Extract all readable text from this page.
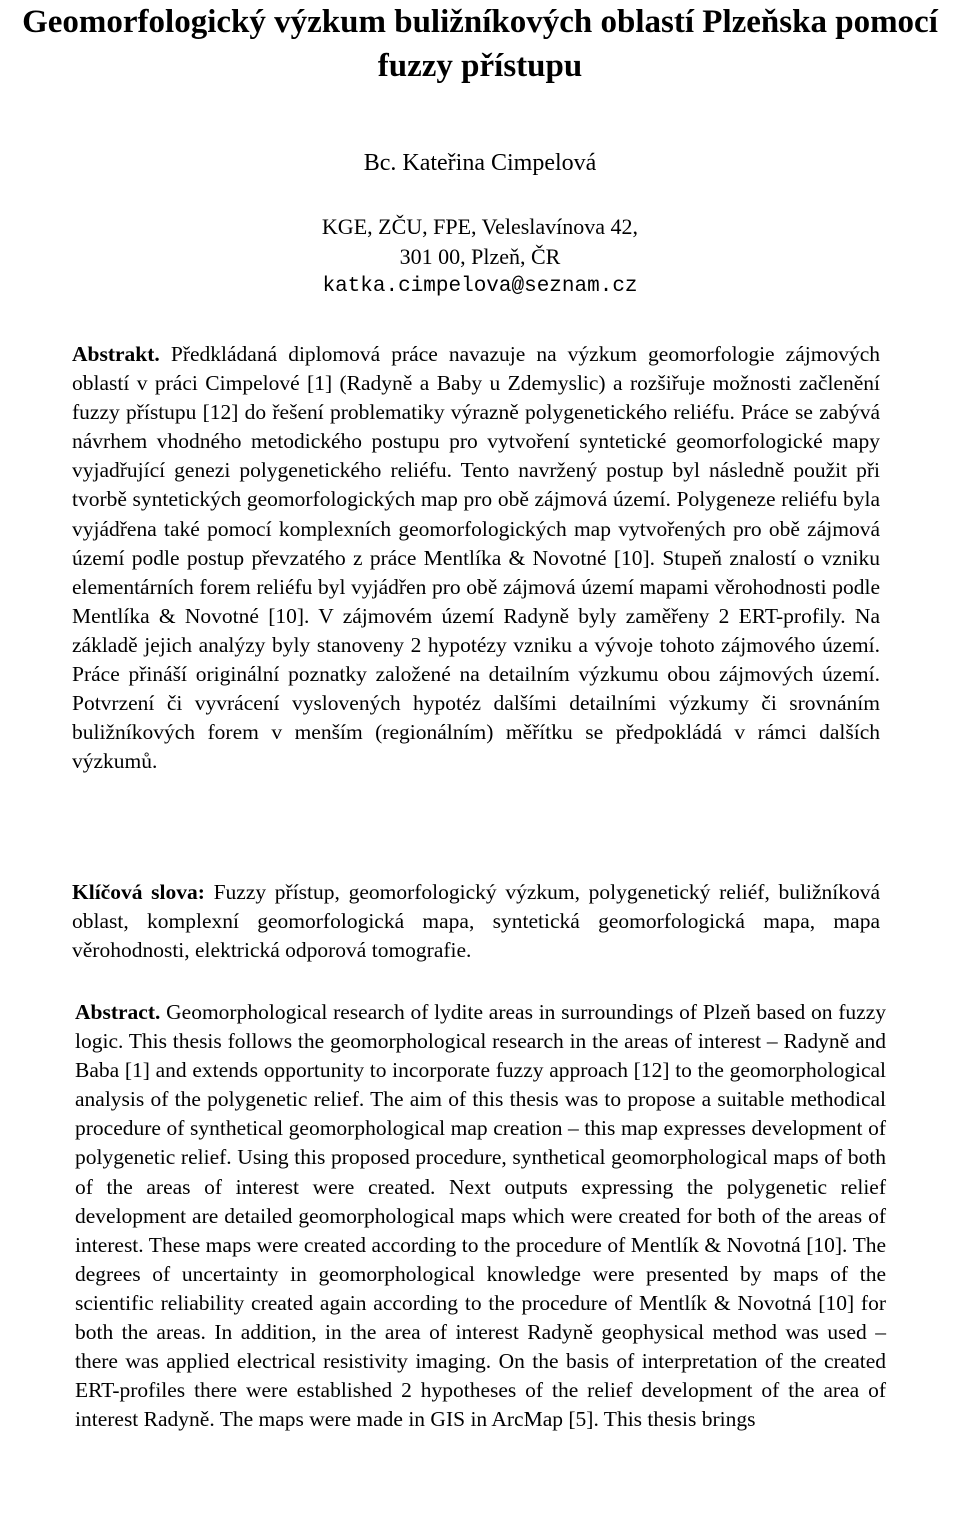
Geomorfologický výzkum buližníkových oblastí Plzeňska pomocí fuzzy přístupu
Bc. Kateřina Cimpelová
KGE, ZČU, FPE, Veleslavínova 42,
301 00, Plzeň, ČR
katka.cimpelova@seznam.cz

Abstrakt. Předkládaná diplomová práce navazuje na výzkum geomorfologie zájmových oblastí v práci Cimpelové [1] (Radyně a Baby u Zdemyslic) a rozšiřuje možnosti začlenění fuzzy přístupu [12] do řešení problematiky výrazně polygenetického reliéfu. Práce se zabývá návrhem vhodného metodického postupu pro vytvoření syntetické geomorfologické mapy vyjadřující genezi polygenetického reliéfu. Tento navržený postup byl následně použit při tvorbě syntetických geomorfologických map pro obě zájmová území. Polygeneze reliéfu byla vyjádřena také pomocí komplexních geomorfologických map vytvořených pro obě zájmová území podle postup převzatého z práce Mentlíka & Novotné [10]. Stupeň znalostí o vzniku elementárních forem reliéfu byl vyjádřen pro obě zájmová území mapami věrohodnosti podle Mentlíka & Novotné [10]. V zájmovém území Radyně byly zaměřeny 2 ERT-profily. Na základě jejich analýzy byly stanoveny 2 hypotézy vzniku a vývoje tohoto zájmového území. Práce přináší originální poznatky založené na detailním výzkumu obou zájmových území. Potvrzení či vyvrácení vyslovených hypotéz dalšími detailními výzkumy či srovnáním buližníkových forem v menším (regionálním) měřítku se předpokládá v rámci dalších výzkumů.

Klíčová slova: Fuzzy přístup, geomorfologický výzkum, polygenetický reliéf, buližníková oblast, komplexní geomorfologická mapa, syntetická geomorfologická mapa, mapa věrohodnosti, elektrická odporová tomografie.

Abstract. Geomorphological research of lydite areas in surroundings of Plzeň based on fuzzy logic. This thesis follows the geomorphological research in the areas of interest – Radyně and Baba [1] and extends opportunity to incorporate fuzzy approach [12] to the geomorphological analysis of the polygenetic relief. The aim of this thesis was to propose a suitable methodical procedure of synthetical geomorphological map creation – this map expresses development of polygenetic relief. Using this proposed procedure, synthetical geomorphological maps of both of the areas of interest were created. Next outputs expressing the polygenetic relief development are detailed geomorphological maps which were created for both of the areas of interest. These maps were created according to the procedure of Mentlík & Novotná [10]. The degrees of uncertainty in geomorphological knowledge were presented by maps of the scientific reliability created again according to the procedure of Mentlík & Novotná [10] for both the areas. In addition, in the area of interest Radyně geophysical method was used – there was applied electrical resistivity imaging. On the basis of interpretation of the created ERT-profiles there were established 2 hypotheses of the relief development of the area of interest Radyně. The maps were made in GIS in ArcMap [5]. This thesis brings
